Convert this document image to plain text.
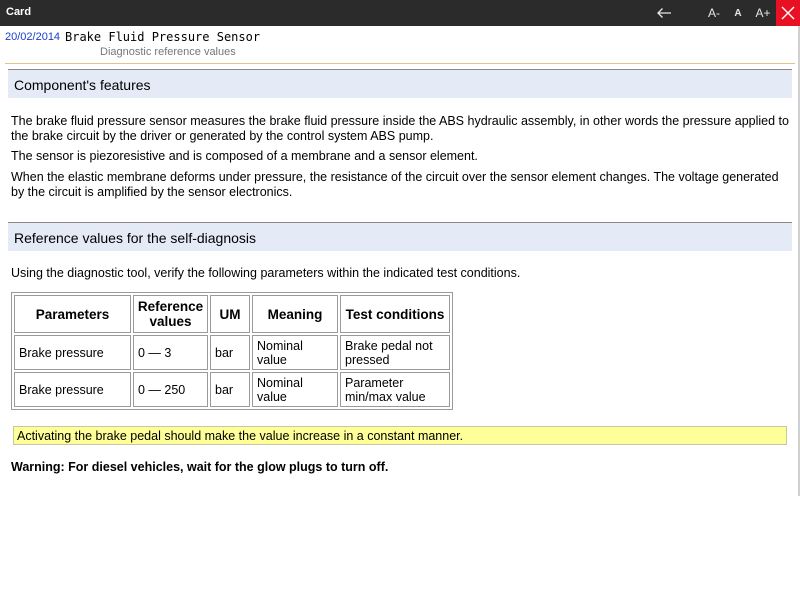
Card	A-	A	A+
20/02/2014 Brake Fluid Pressure Sensor
Diagnostic reference values
Component's features

The brake fluid pressure sensor measures the brake fluid pressure inside the ABS hydraulic assembly, in other words the pressure applied to the brake circuit by the driver or generated by the control system ABS pump.

The sensor is piezoresistive and is composed of a membrane and a sensor element.

When the elastic membrane deforms under pressure, the resistance of the circuit over the sensor element changes. The voltage generated by the circuit is amplified by the sensor electronics.

Reference values for the self-diagnosis

Using the diagnostic tool, verify the following parameters within the indicated test conditions.

Parameters	Reference values	UM	Meaning	Test conditions
Brake pressure	0 — 3	bar	Nominal value	Brake pedal not pressed
Brake pressure	0 — 250	bar	Nominal value	Parameter min/max value
Activating the brake pedal should make the value increase in a constant manner.
Warning: For diesel vehicles, wait for the glow plugs to turn off.
